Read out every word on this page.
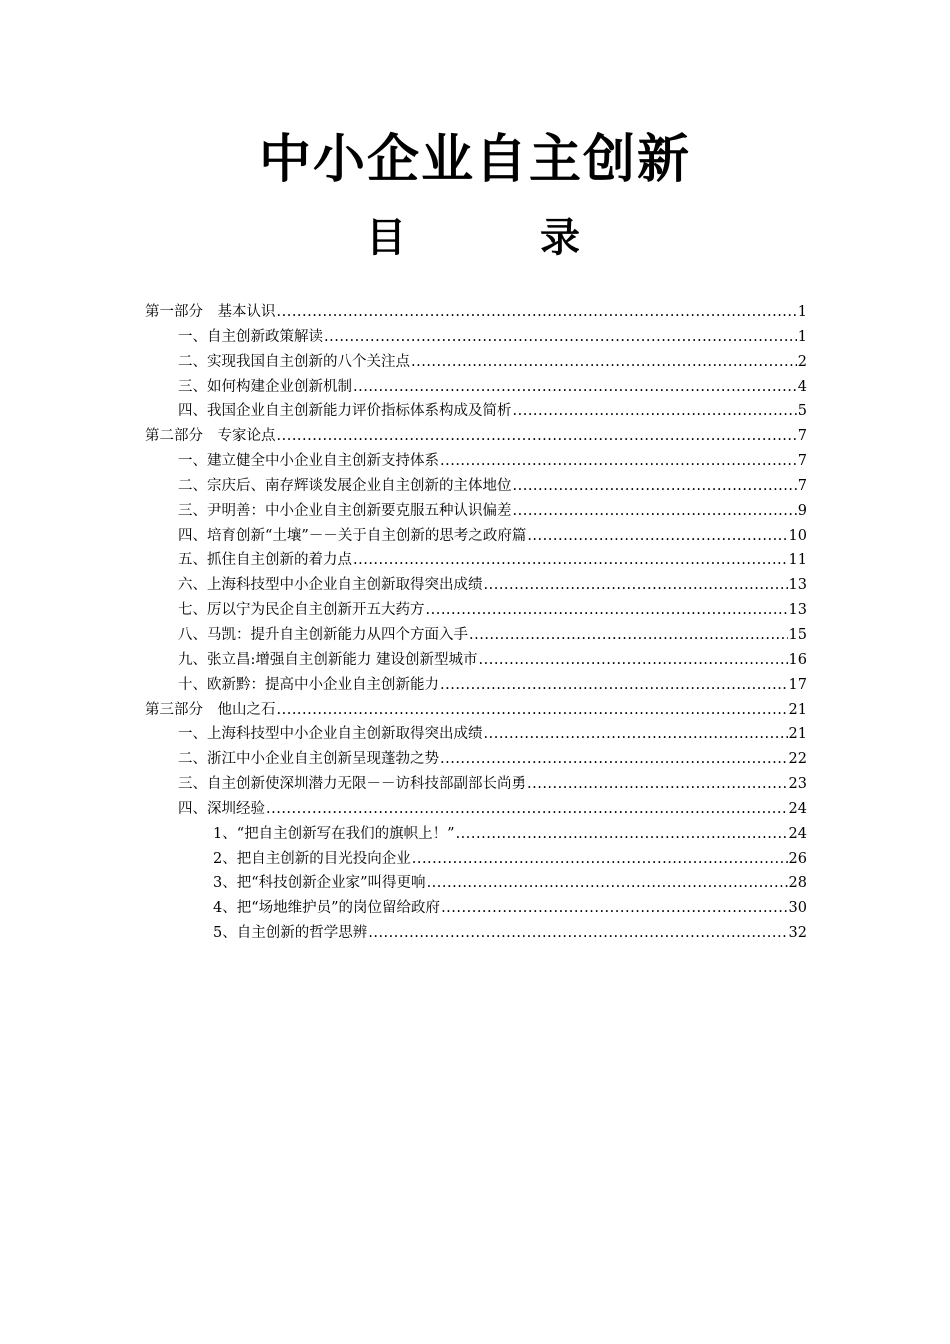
中小企业自主创新
目	录
第一部分　基本认识 .....	1
一、自主创新政策解读 .....	1
二、实现我国自主创新的八个关注点 .....	2
三、如何构建企业创新机制 .....	4
四、我国企业自主创新能力评价指标体系构成及简析 .....	5
第二部分　专家论点 .....	7
一、建立健全中小企业自主创新支持体系 .....	7
二、宗庆后、南存辉谈发展企业自主创新的主体地位 .....	7
三、尹明善：中小企业自主创新要克服五种认识偏差 .....	9
四、培育创新“土壤”－－关于自主创新的思考之政府篇 .....	10
五、抓住自主创新的着力点 .....	11
六、上海科技型中小企业自主创新取得突出成绩 .....	13
七、厉以宁为民企自主创新开五大药方 .....	13
八、马凯：提升自主创新能力从四个方面入手 .....	15
九、张立昌:增强自主创新能力 建设创新型城市 .....	16
十、欧新黔：提高中小企业自主创新能力 .....	17
第三部分　他山之石 .....	21
一、上海科技型中小企业自主创新取得突出成绩 .....	21
二、浙江中小企业自主创新呈现蓬勃之势 .....	22
三、自主创新使深圳潜力无限－－访科技部副部长尚勇 .....	23
四、深圳经验 .....	24
1、“把自主创新写在我们的旗帜上！” .....	24
2、把自主创新的目光投向企业 .....	26
3、把“科技创新企业家”叫得更响 .....	28
4、把“场地维护员”的岗位留给政府 .....	30
5、自主创新的哲学思辨 .....	32
